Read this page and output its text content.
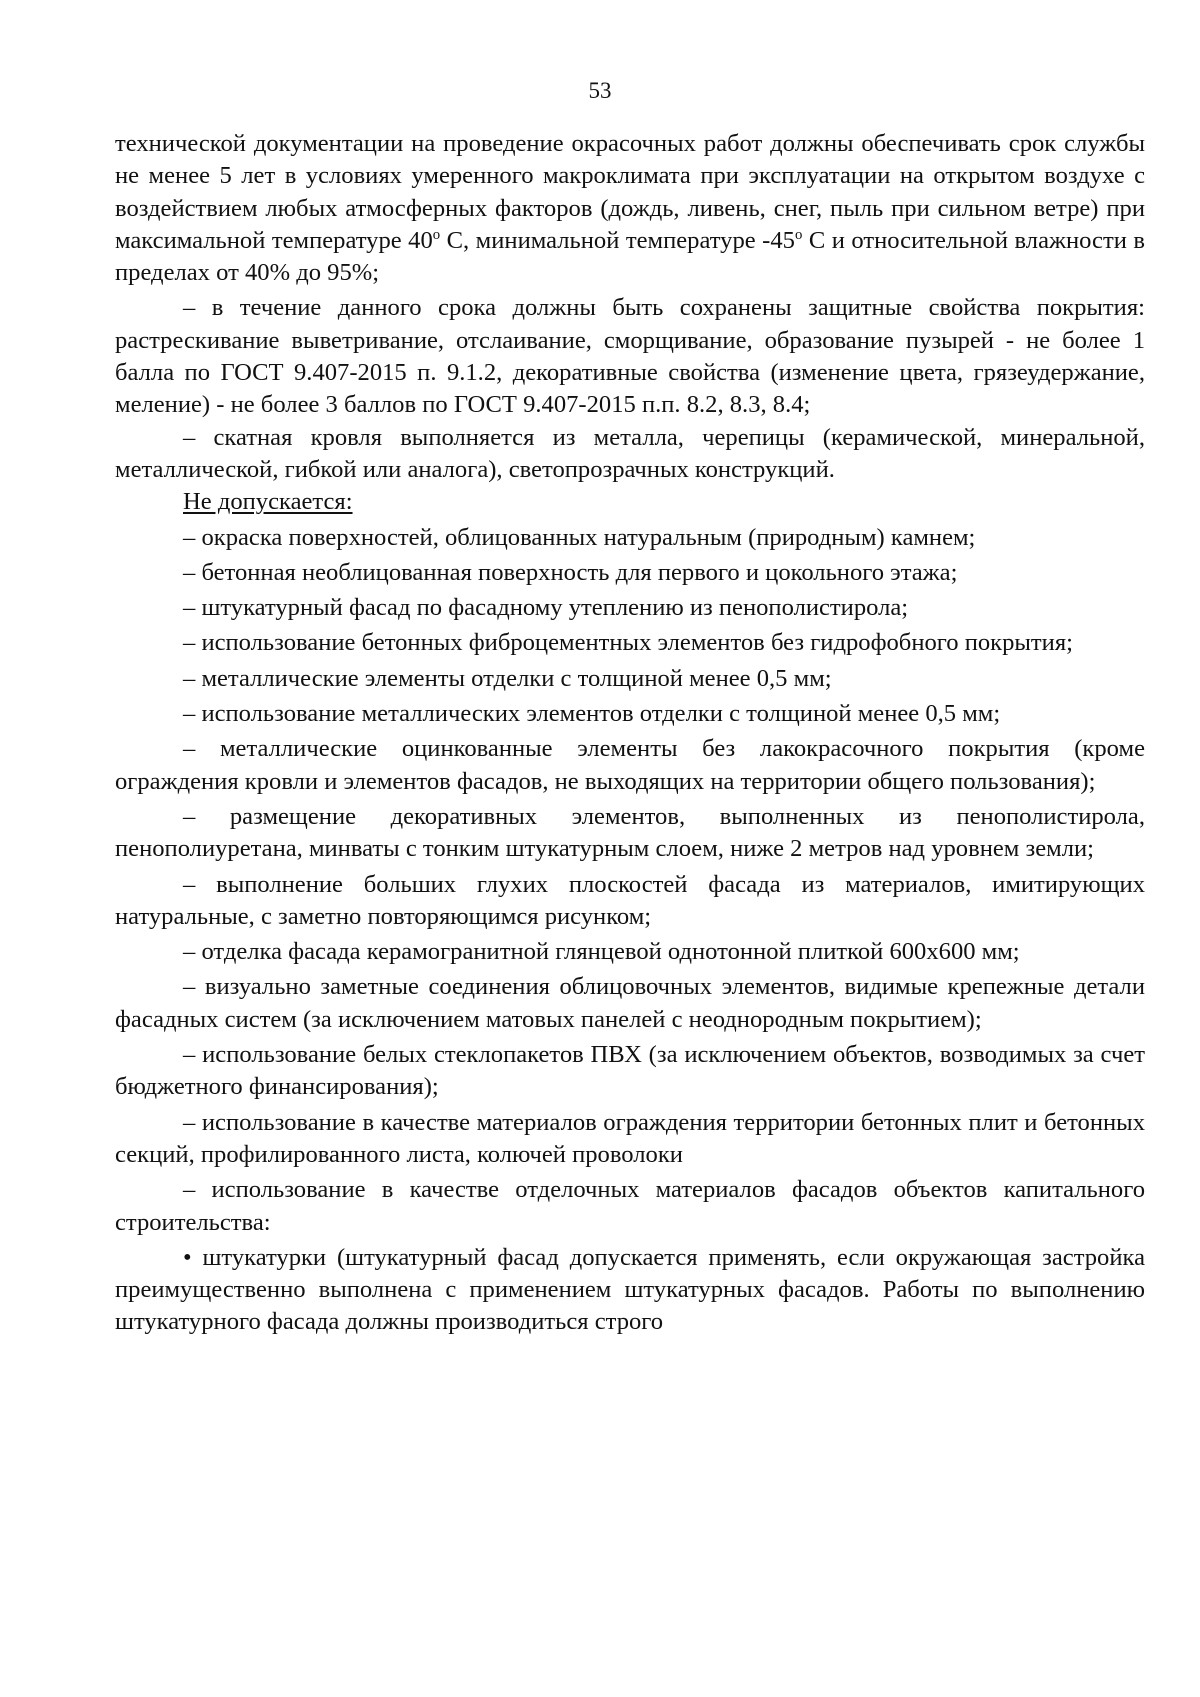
53

технической документации на проведение окрасочных работ должны обеспечивать срок службы не менее 5 лет в условиях умеренного макроклимата при эксплуатации на открытом воздухе с воздействием любых атмосферных факторов (дождь, ливень, снег, пыль при сильном ветре) при максимальной температуре $40^о$ С, минимальной температуре $-45^о$ С и относительной влажности в пределах от 40% до 95%;

– в течение данного срока должны быть сохранены защитные свойства покрытия: растрескивание выветривание, отслаивание, сморщивание, образование пузырей - не более 1 балла по ГОСТ 9.407-2015 п. 9.1.2, декоративные свойства (изменение цвета, грязеудержание, меление) - не более 3 баллов по ГОСТ 9.407-2015 п.п. 8.2, 8.3, 8.4;

– скатная кровля выполняется из металла, черепицы (керамической, минеральной, металлической, гибкой или аналога), светопрозрачных конструкций.

Не допускается:

– окраска поверхностей, облицованных натуральным (природным) камнем;

– бетонная необлицованная поверхность для первого и цокольного этажа;

– штукатурный фасад по фасадному утеплению из пенополистирола;

– использование бетонных фиброцементных элементов без гидрофобного покрытия;

– металлические элементы отделки с толщиной менее 0,5 мм;

– использование металлических элементов отделки с толщиной менее 0,5 мм;

– металлические оцинкованные элементы без лакокрасочного покрытия (кроме ограждения кровли и элементов фасадов, не выходящих на территории общего пользования);

– размещение декоративных элементов, выполненных из пенополистирола, пенополиуретана, минваты с тонким штукатурным слоем, ниже 2 метров над уровнем земли;

– выполнение больших глухих плоскостей фасада из материалов, имитирующих натуральные, с заметно повторяющимся рисунком;

– отделка фасада керамогранитной глянцевой однотонной плиткой 600х600 мм;

– визуально заметные соединения облицовочных элементов, видимые крепежные детали фасадных систем (за исключением матовых панелей с неоднородным покрытием);

– использование белых стеклопакетов ПВХ (за исключением объектов, возводимых за счет бюджетного финансирования);

– использование в качестве материалов ограждения территории бетонных плит и бетонных секций, профилированного листа, колючей проволоки

– использование в качестве отделочных материалов фасадов объектов капитального строительства:

• штукатурки (штукатурный фасад допускается применять, если окружающая застройка преимущественно выполнена с применением штукатурных фасадов. Работы по выполнению штукатурного фасада должны производиться строго
